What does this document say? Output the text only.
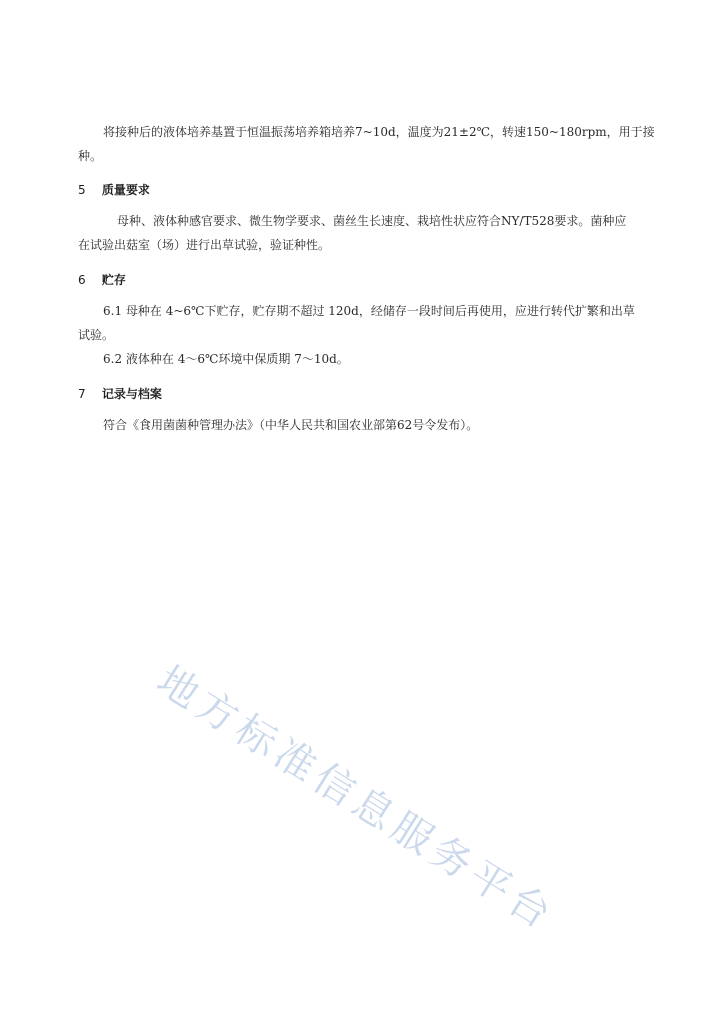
将接种后的液体培养基置于恒温振荡培养箱培养7~10d，温度为21±2℃，转速150~180rpm，用于接
种。
5 质量要求
母种、液体种感官要求、微生物学要求、菌丝生长速度、栽培性状应符合NY/T528要求。菌种应
在试验出菇室（场）进行出草试验，验证种性。
6 贮存
6.1 母种在 4~6℃下贮存，贮存期不超过 120d，经储存一段时间后再使用，应进行转代扩繁和出草
试验。
6.2 液体种在 4～6℃环境中保质期 7～10d。
7 记录与档案
符合《食用菌菌种管理办法》（中华人民共和国农业部第62号令发布）。
地方标准信息服务平台
